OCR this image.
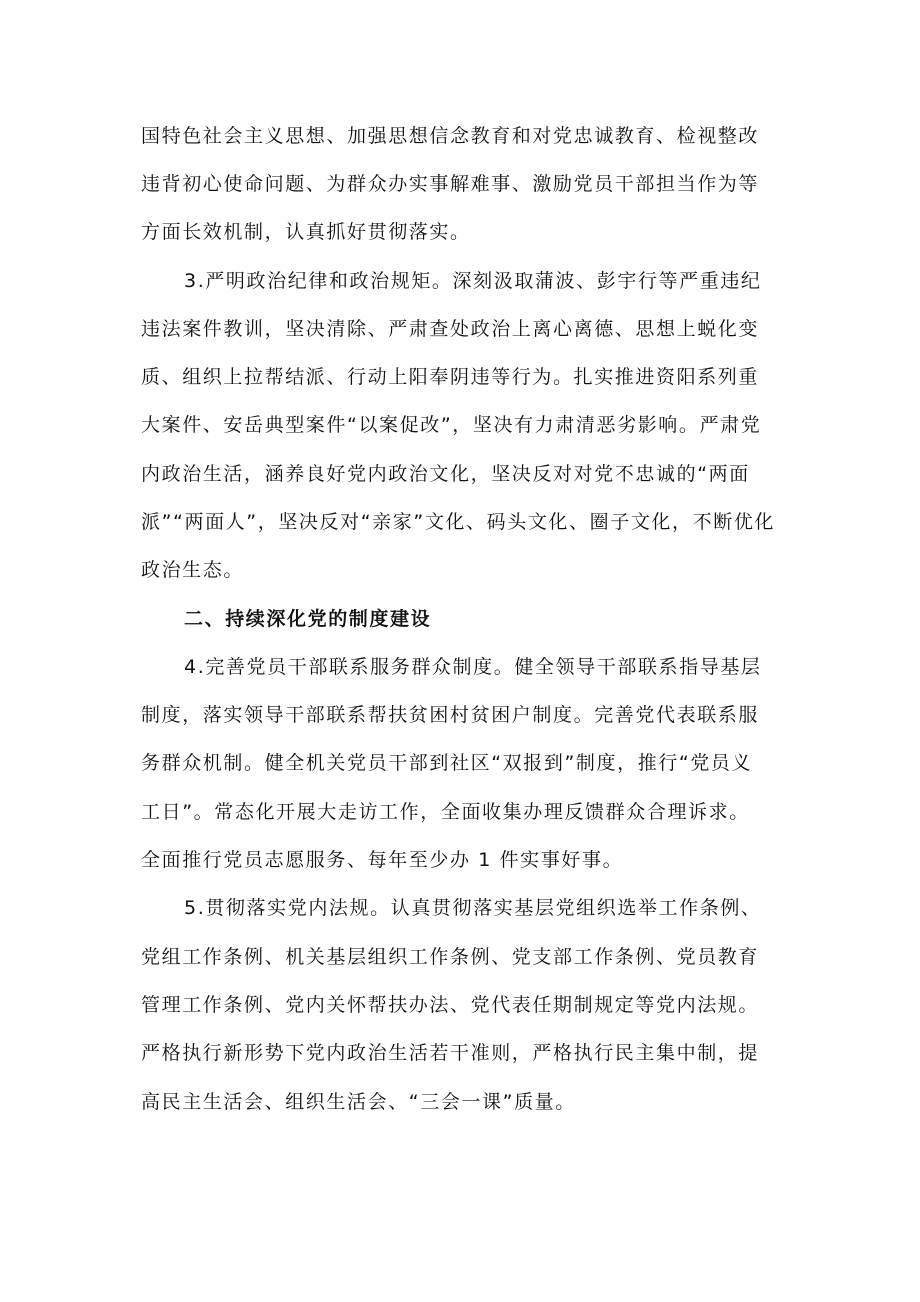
国特色社会主义思想、加强思想信念教育和对党忠诚教育、检视整改
违背初心使命问题、为群众办实事解难事、激励党员干部担当作为等
方面长效机制，认真抓好贯彻落实。
3.严明政治纪律和政治规矩。深刻汲取蒲波、彭宇行等严重违纪
违法案件教训，坚决清除、严肃查处政治上离心离德、思想上蜕化变
质、组织上拉帮结派、行动上阳奉阴违等行为。扎实推进资阳系列重
大案件、安岳典型案件“以案促改”，坚决有力肃清恶劣影响。严肃党
内政治生活，涵养良好党内政治文化，坚决反对对党不忠诚的“两面
派”“两面人”，坚决反对“亲家”文化、码头文化、圈子文化，不断优化
政治生态。
二、持续深化党的制度建设
4.完善党员干部联系服务群众制度。健全领导干部联系指导基层
制度，落实领导干部联系帮扶贫困村贫困户制度。完善党代表联系服
务群众机制。健全机关党员干部到社区“双报到”制度，推行“党员义
工日”。常态化开展大走访工作，全面收集办理反馈群众合理诉求。
全面推行党员志愿服务、每年至少办 1 件实事好事。
5.贯彻落实党内法规。认真贯彻落实基层党组织选举工作条例、
党组工作条例、机关基层组织工作条例、党支部工作条例、党员教育
管理工作条例、党内关怀帮扶办法、党代表任期制规定等党内法规。
严格执行新形势下党内政治生活若干准则，严格执行民主集中制，提
高民主生活会、组织生活会、“三会一课”质量。
